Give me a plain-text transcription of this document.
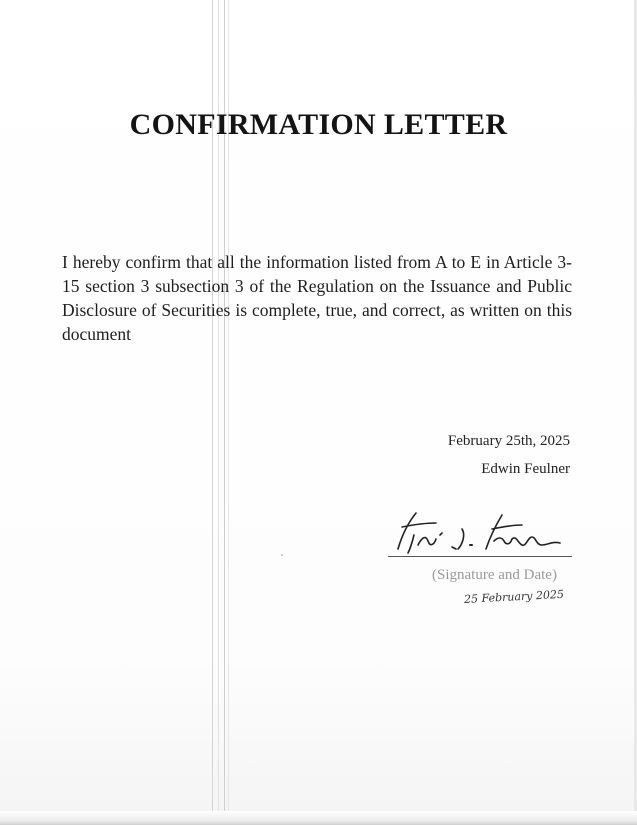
CONFIRMATION LETTER
I hereby confirm that all the information listed from A to E in Article 3-15 section 3 subsection 3 of the Regulation on the Issuance and Public Disclosure of Securities is complete, true, and correct, as written on this document
February 25th, 2025
Edwin Feulner
(Signature and Date)
25 February 2025
